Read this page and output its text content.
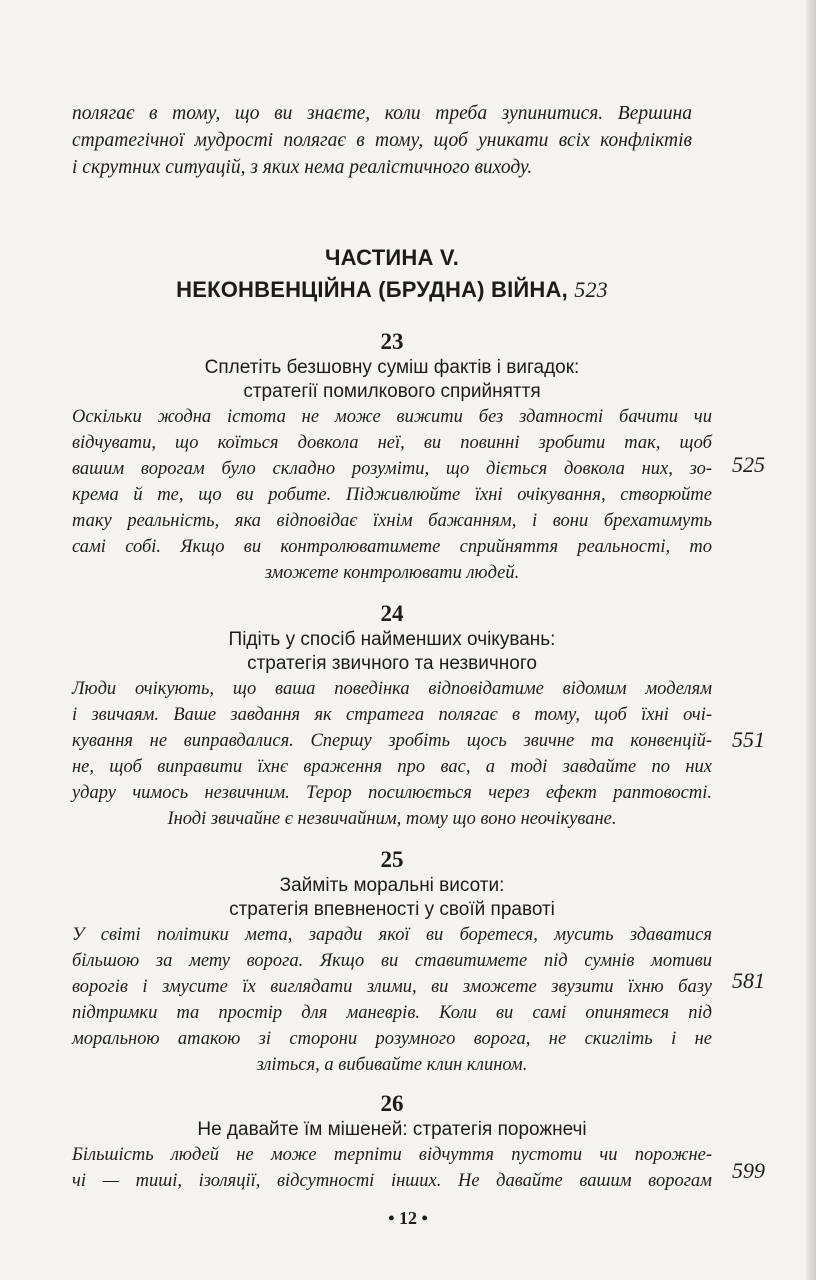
полягає в тому, що ви знаєте, коли треба зупинитися. Вершина
стратегічної мудрості полягає в тому, щоб уникати всіх конфліктів
і скрутних ситуацій, з яких нема реалістичного виходу.
ЧАСТИНА V.
НЕКОНВЕНЦІЙНА (БРУДНА) ВІЙНА, 523
23
Сплетіть безшовну суміш фактів і вигадок:
стратегії помилкового сприйняття
Оскільки жодна істота не може вижити без здатності бачити чи
відчувати, що коїться довкола неї, ви повинні зробити так, щоб
вашим ворогам було складно розуміти, що діється довкола них, зо-
крема й те, що ви робите. Підживлюйте їхні очікування, створюйте
таку реальність, яка відповідає їхнім бажанням, і вони брехатимуть
самі собі. Якщо ви контролюватимете сприйняття реальності, то
зможете контролювати людей.
525
24
Підіть у спосіб найменших очікувань:
стратегія звичного та незвичного
Люди очікують, що ваша поведінка відповідатиме відомим моделям
і звичаям. Ваше завдання як стратега полягає в тому, щоб їхні очі-
кування не виправдалися. Спершу зробіть щось звичне та конвенцій-
не, щоб виправити їхнє враження про вас, а тоді завдайте по них
удару чимось незвичним. Терор посилюється через ефект раптовості.
Іноді звичайне є незвичайним, тому що воно неочікуване.
551
25
Займіть моральні висоти:
стратегія впевненості у своїй правоті
У світі політики мета, заради якої ви боретеся, мусить здаватися
більшою за мету ворога. Якщо ви ставитимете під сумнів мотиви
ворогів і змусите їх виглядати злими, ви зможете звузити їхню базу
підтримки та простір для маневрів. Коли ви самі опинятеся під
моральною атакою зі сторони розумного ворога, не скигліть і не
зліться, а вибивайте клин клином.
581
26
Не давайте їм мішеней: стратегія порожнечі
Більшість людей не може терпіти відчуття пустоти чи порожне-
чі — тиші, ізоляції, відсутності інших. Не давайте вашим ворогам 599
• 12 •
